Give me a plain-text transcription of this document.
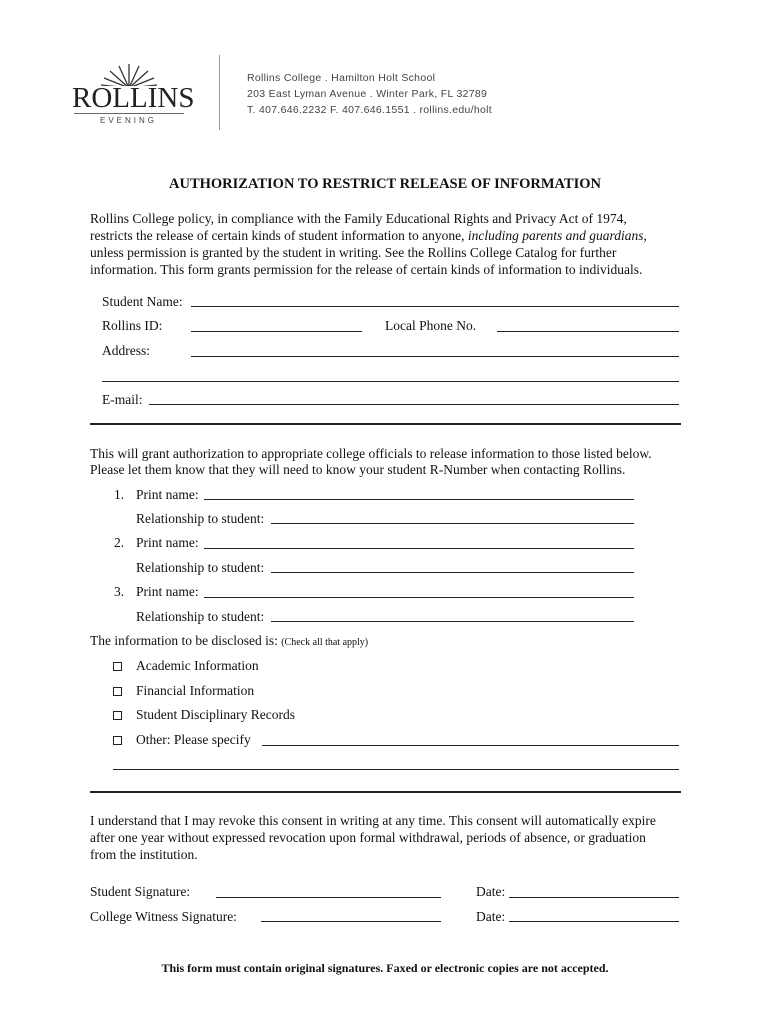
ROLLINS
EVENING
Rollins College . Hamilton Holt School
203 East Lyman Avenue . Winter Park, FL 32789
T. 407.646.2232 F. 407.646.1551 . rollins.edu/holt
AUTHORIZATION TO RESTRICT RELEASE OF INFORMATION
Rollins College policy, in compliance with the Family Educational Rights and Privacy Act of 1974,
restricts the release of certain kinds of student information to anyone, including parents and guardians,
unless permission is granted by the student in writing. See the Rollins College Catalog for further
information. This form grants permission for the release of certain kinds of information to individuals.
Student Name:
Rollins ID:	Local Phone No.
Address:
E-mail:
This will grant authorization to appropriate college officials to release information to those listed below.
Please let them know that they will need to know your student R-Number when contacting Rollins.
1. Print name:
Relationship to student:
2. Print name:
Relationship to student:
3. Print name:
Relationship to student:
The information to be disclosed is: (Check all that apply)
Academic Information
Financial Information
Student Disciplinary Records
Other: Please specify
I understand that I may revoke this consent in writing at any time. This consent will automatically expire
after one year without expressed revocation upon formal withdrawal, periods of absence, or graduation
from the institution.
Student Signature:	Date:
College Witness Signature:	Date:
This form must contain original signatures. Faxed or electronic copies are not accepted.
